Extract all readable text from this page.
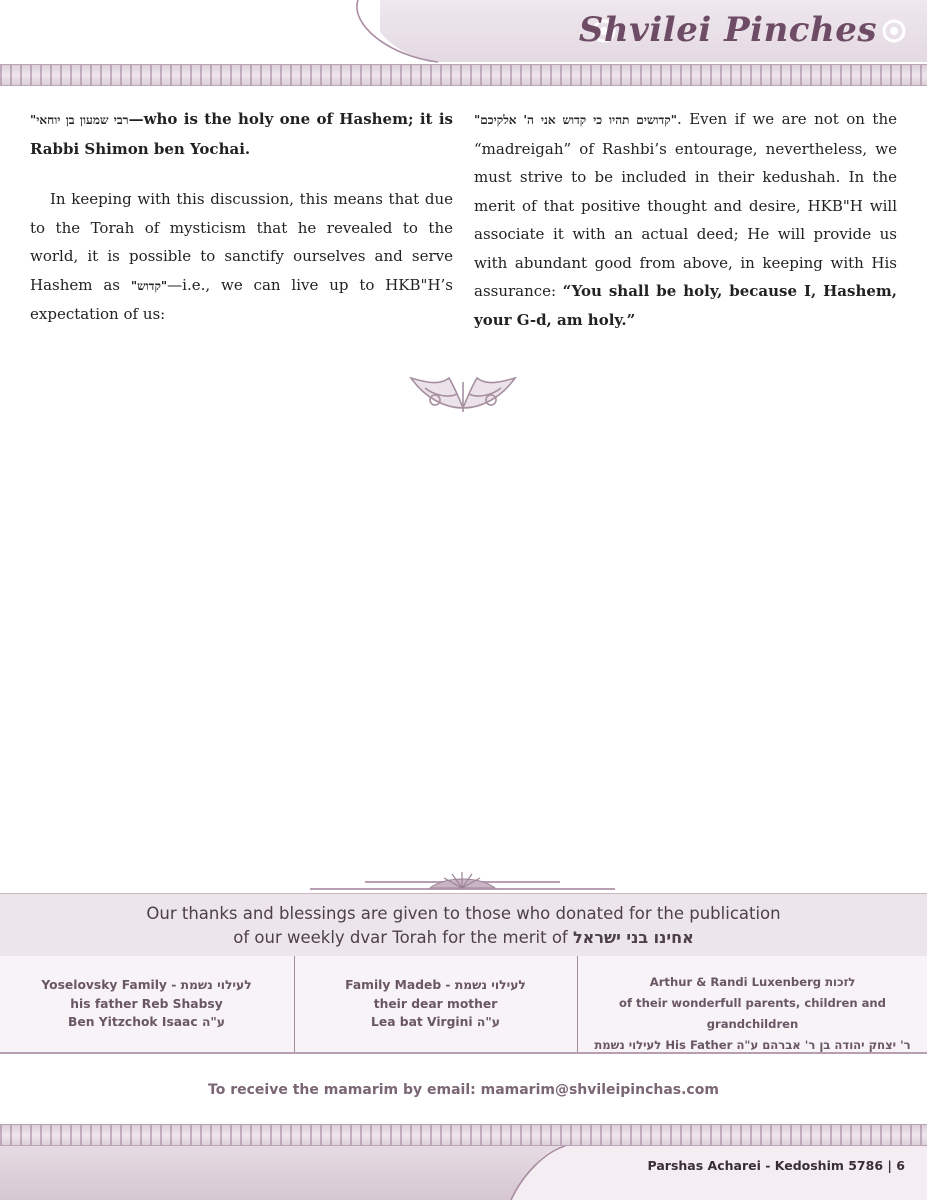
Shvilei Pinches

"רבי שמעון בן יוחאי—who is the holy one of Hashem; it is Rabbi Shimon ben Yochai.

In keeping with this discussion, this means that due to the Torah of mysticism that he revealed to the world, it is possible to sanctify ourselves and serve Hashem as "קדוש"—i.e., we can live up to HKB"H’s expectation of us:

"קדושים תהיו כי קדוש אני ה' אלקיכם". Even if we are not on the “madreigah” of Rashbi’s entourage, nevertheless, we must strive to be included in their kedushah. In the merit of that positive thought and desire, HKB"H will associate it with an actual deed; He will provide us with abundant good from above, in keeping with His assurance: “You shall be holy, because I, Hashem, your G-d, am holy.”

Our thanks and blessings are given to those who donated for the publication
of our weekly dvar Torah for the merit of אחינו בני ישראל
Yoselovsky Family - לעילוי נשמת
his father Reb Shabsy
Ben Yitzchok Isaac ע"ה
Family Madeb - לעילוי נשמת
their dear mother
Lea bat Virgini ע"ה
Arthur & Randi Luxenberg לזכות
of their wonderfull parents, children and grandchildren
לעילוי נשמת His Father ר' יצחק יהודה בן ר' אברהם ע"ה
To receive the mamarim by email: mamarim@shvileipinchas.com
Parshas Acharei - Kedoshim 5786 | 6
